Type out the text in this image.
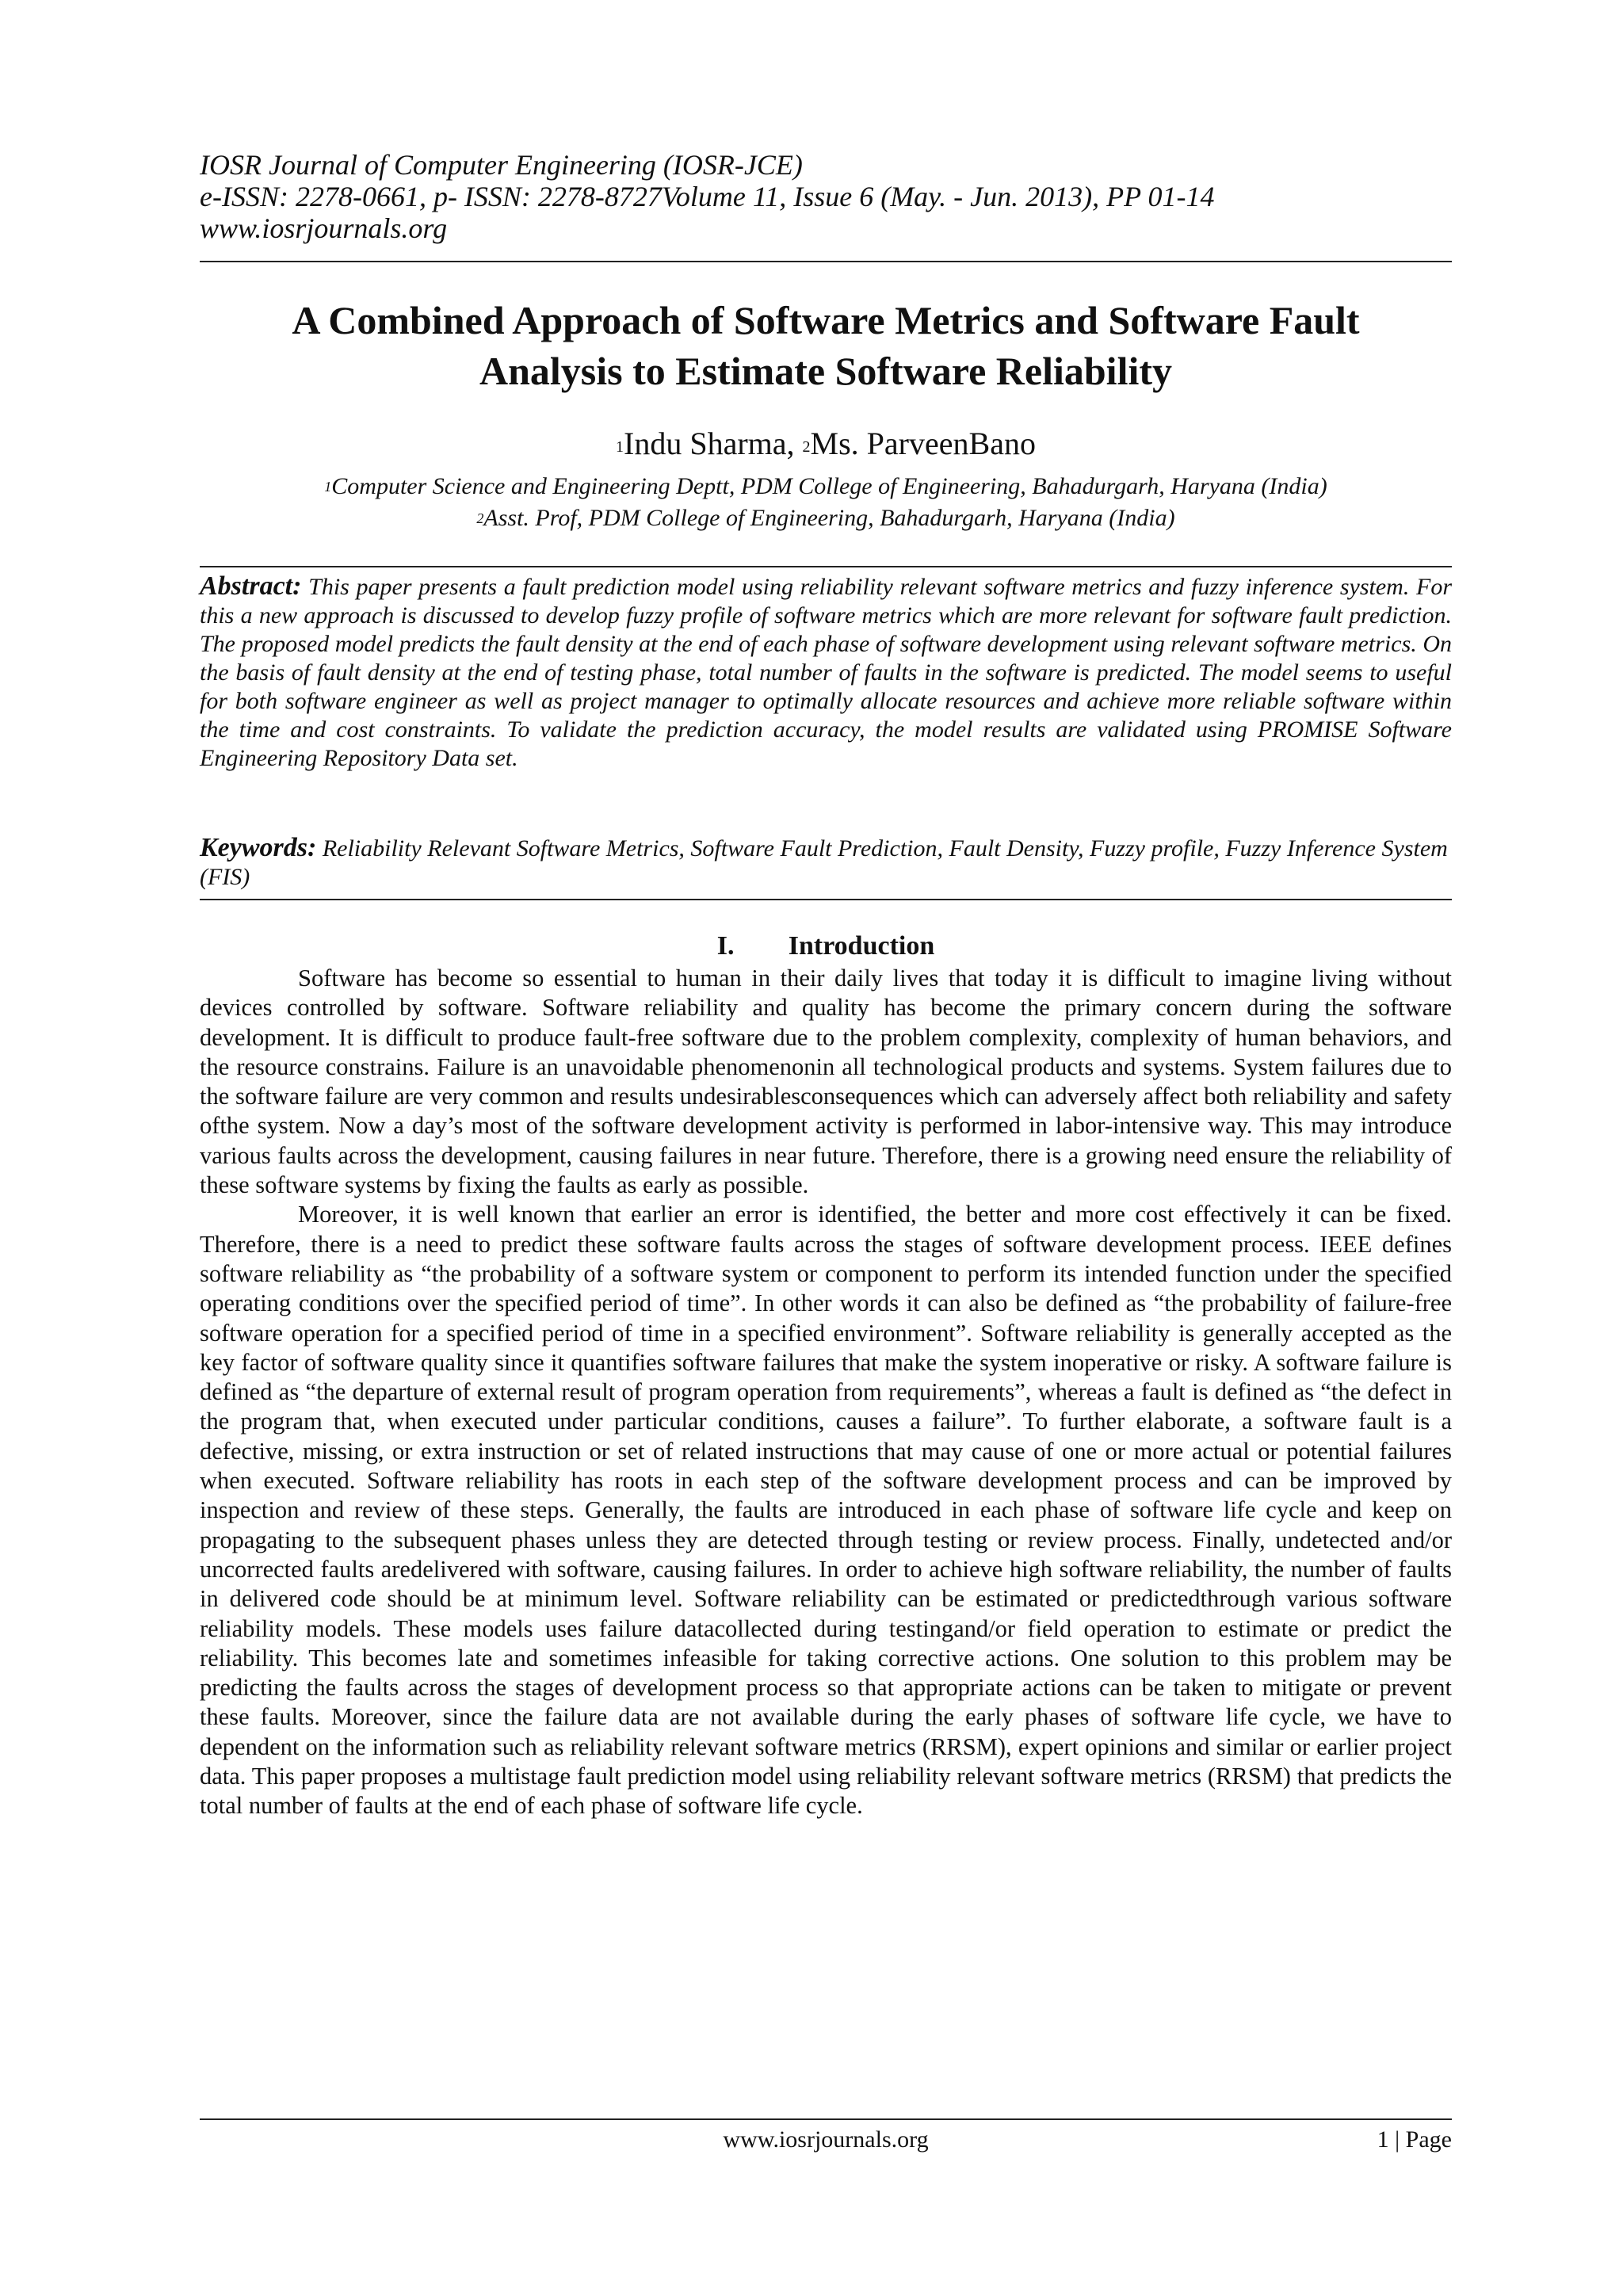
IOSR Journal of Computer Engineering (IOSR-JCE)
e-ISSN: 2278-0661, p- ISSN: 2278-8727Volume 11, Issue 6 (May. - Jun. 2013), PP 01-14
www.iosrjournals.org
A Combined Approach of Software Metrics and Software Fault
Analysis to Estimate Software Reliability
$^1$Indu Sharma, $^2$Ms. ParveenBano
$^1$Computer Science and Engineering Deptt, PDM College of Engineering, Bahadurgarh, Haryana (India)
$^2$Asst. Prof, PDM College of Engineering, Bahadurgarh, Haryana (India)
Abstract: This paper presents a fault prediction model using reliability relevant software metrics and fuzzy inference system. For this a new approach is discussed to develop fuzzy profile of software metrics which are more relevant for software fault prediction. The proposed model predicts the fault density at the end of each phase of software development using relevant software metrics. On the basis of fault density at the end of testing phase, total number of faults in the software is predicted. The model seems to useful for both software engineer as well as project manager to optimally allocate resources and achieve more reliable software within the time and cost constraints. To validate the prediction accuracy, the model results are validated using PROMISE Software Engineering Repository Data set.
Keywords: Reliability Relevant Software Metrics, Software Fault Prediction, Fault Density, Fuzzy profile, Fuzzy Inference System (FIS)
I. Introduction

Software has become so essential to human in their daily lives that today it is difficult to imagine living without devices controlled by software. Software reliability and quality has become the primary concern during the software development. It is difficult to produce fault-free software due to the problem complexity, complexity of human behaviors, and the resource constrains. Failure is an unavoidable phenomenonin all technological products and systems. System failures due to the software failure are very common and results undesirablesconsequences which can adversely affect both reliability and safety ofthe system. Now a day’s most of the software development activity is performed in labor-intensive way. This may introduce various faults across the development, causing failures in near future. Therefore, there is a growing need ensure the reliability of these software systems by fixing the faults as early as possible.

Moreover, it is well known that earlier an error is identified, the better and more cost effectively it can be fixed. Therefore, there is a need to predict these software faults across the stages of software development process. IEEE defines software reliability as “the probability of a software system or component to perform its intended function under the specified operating conditions over the specified period of time”. In other words it can also be defined as “the probability of failure-free software operation for a specified period of time in a specified environment”. Software reliability is generally accepted as the key factor of software quality since it quantifies software failures that make the system inoperative or risky. A software failure is defined as “the departure of external result of program operation from requirements”, whereas a fault is defined as “the defect in the program that, when executed under particular conditions, causes a failure”. To further elaborate, a software fault is a defective, missing, or extra instruction or set of related instructions that may cause of one or more actual or potential failures when executed. Software reliability has roots in each step of the software development process and can be improved by inspection and review of these steps. Generally, the faults are introduced in each phase of software life cycle and keep on propagating to the subsequent phases unless they are detected through testing or review process. Finally, undetected and/or uncorrected faults aredelivered with software, causing failures. In order to achieve high software reliability, the number of faults in delivered code should be at minimum level. Software reliability can be estimated or predictedthrough various software reliability models. These models uses failure datacollected during testingand/or field operation to estimate or predict the reliability. This becomes late and sometimes infeasible for taking corrective actions. One solution to this problem may be predicting the faults across the stages of development process so that appropriate actions can be taken to mitigate or prevent these faults. Moreover, since the failure data are not available during the early phases of software life cycle, we have to dependent on the information such as reliability relevant software metrics (RRSM), expert opinions and similar or earlier project data. This paper proposes a multistage fault prediction model using reliability relevant software metrics (RRSM) that predicts the total number of faults at the end of each phase of software life cycle.

www.iosrjournals.org	1 | Page
